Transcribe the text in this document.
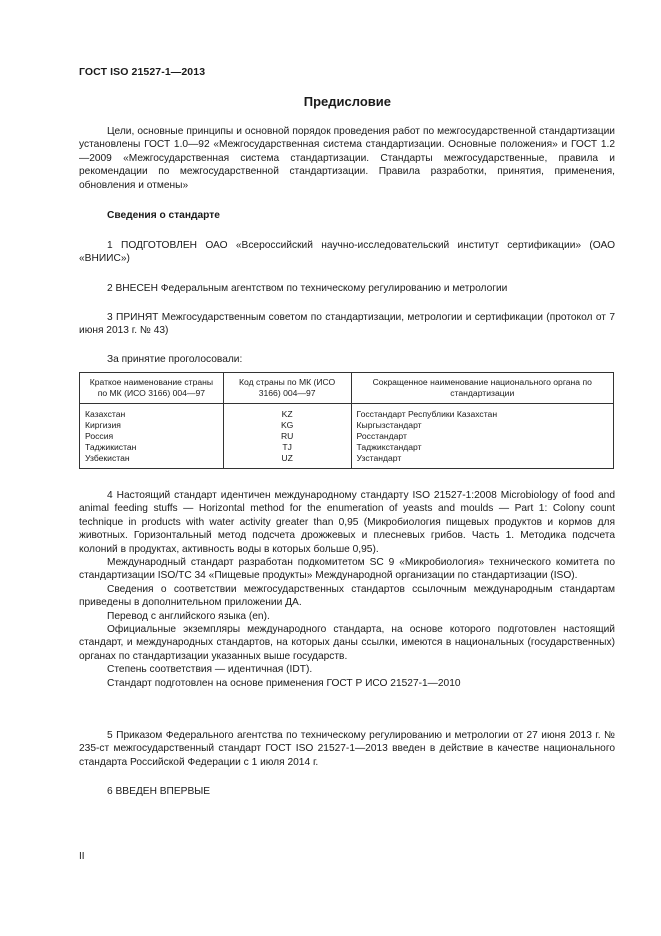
ГОСТ ISO 21527-1—2013
Предисловие

Цели, основные принципы и основной порядок проведения работ по межгосударственной стандартизации установлены ГОСТ 1.0—92 «Межгосударственная система стандартизации. Основные положения» и ГОСТ 1.2—2009 «Межгосударственная система стандартизации. Стандарты межгосударственные, правила и рекомендации по межгосударственной стандартизации. Правила разработки, принятия, применения, обновления и отмены»

Сведения о стандарте

1 ПОДГОТОВЛЕН ОАО «Всероссийский научно-исследовательский институт сертификации» (ОАО «ВНИИС»)

2 ВНЕСЕН Федеральным агентством по техническому регулированию и метрологии

3 ПРИНЯТ Межгосударственным советом по стандартизации, метрологии и сертификации (протокол от 7 июня 2013 г. № 43)

За принятие проголосовали:

Краткое наименование страны по МК (ИСО 3166) 004—97	Код страны по МК (ИСО 3166) 004—97	Сокращенное наименование национального органа по стандартизации
Казахстан	KZ	Госстандарт Республики Казахстан
Киргизия	KG	Кыргызстандарт
Россия	RU	Росстандарт
Таджикистан	TJ	Таджикстандарт
Узбекистан	UZ	Узстандарт

4 Настоящий стандарт идентичен международному стандарту ISO 21527-1:2008 Microbiology of food and animal feeding stuffs — Horizontal method for the enumeration of yeasts and moulds — Part 1: Colony count technique in products with water activity greater than 0,95 (Микробиология пищевых продуктов и кормов для животных. Горизонтальный метод подсчета дрожжевых и плесневых грибов. Часть 1. Методика подсчета колоний в продуктах, активность воды в которых больше 0,95).

Международный стандарт разработан подкомитетом SC 9 «Микробиология» технического комитета по стандартизации ISO/TC 34 «Пищевые продукты» Международной организации по стандартизации (ISO).

Сведения о соответствии межгосударственных стандартов ссылочным международным стандартам приведены в дополнительном приложении ДА.

Перевод с английского языка (en).

Официальные экземпляры международного стандарта, на основе которого подготовлен настоящий стандарт, и международных стандартов, на которых даны ссылки, имеются в национальных (государственных) органах по стандартизации указанных выше государств.

Степень соответствия — идентичная (IDT).

Стандарт подготовлен на основе применения ГОСТ Р ИСО 21527-1—2010

5 Приказом Федерального агентства по техническому регулированию и метрологии от 27 июня 2013 г. № 235-ст межгосударственный стандарт ГОСТ ISO 21527-1—2013 введен в действие в качестве национального стандарта Российской Федерации с 1 июля 2014 г.

6 ВВЕДЕН ВПЕРВЫЕ

II
